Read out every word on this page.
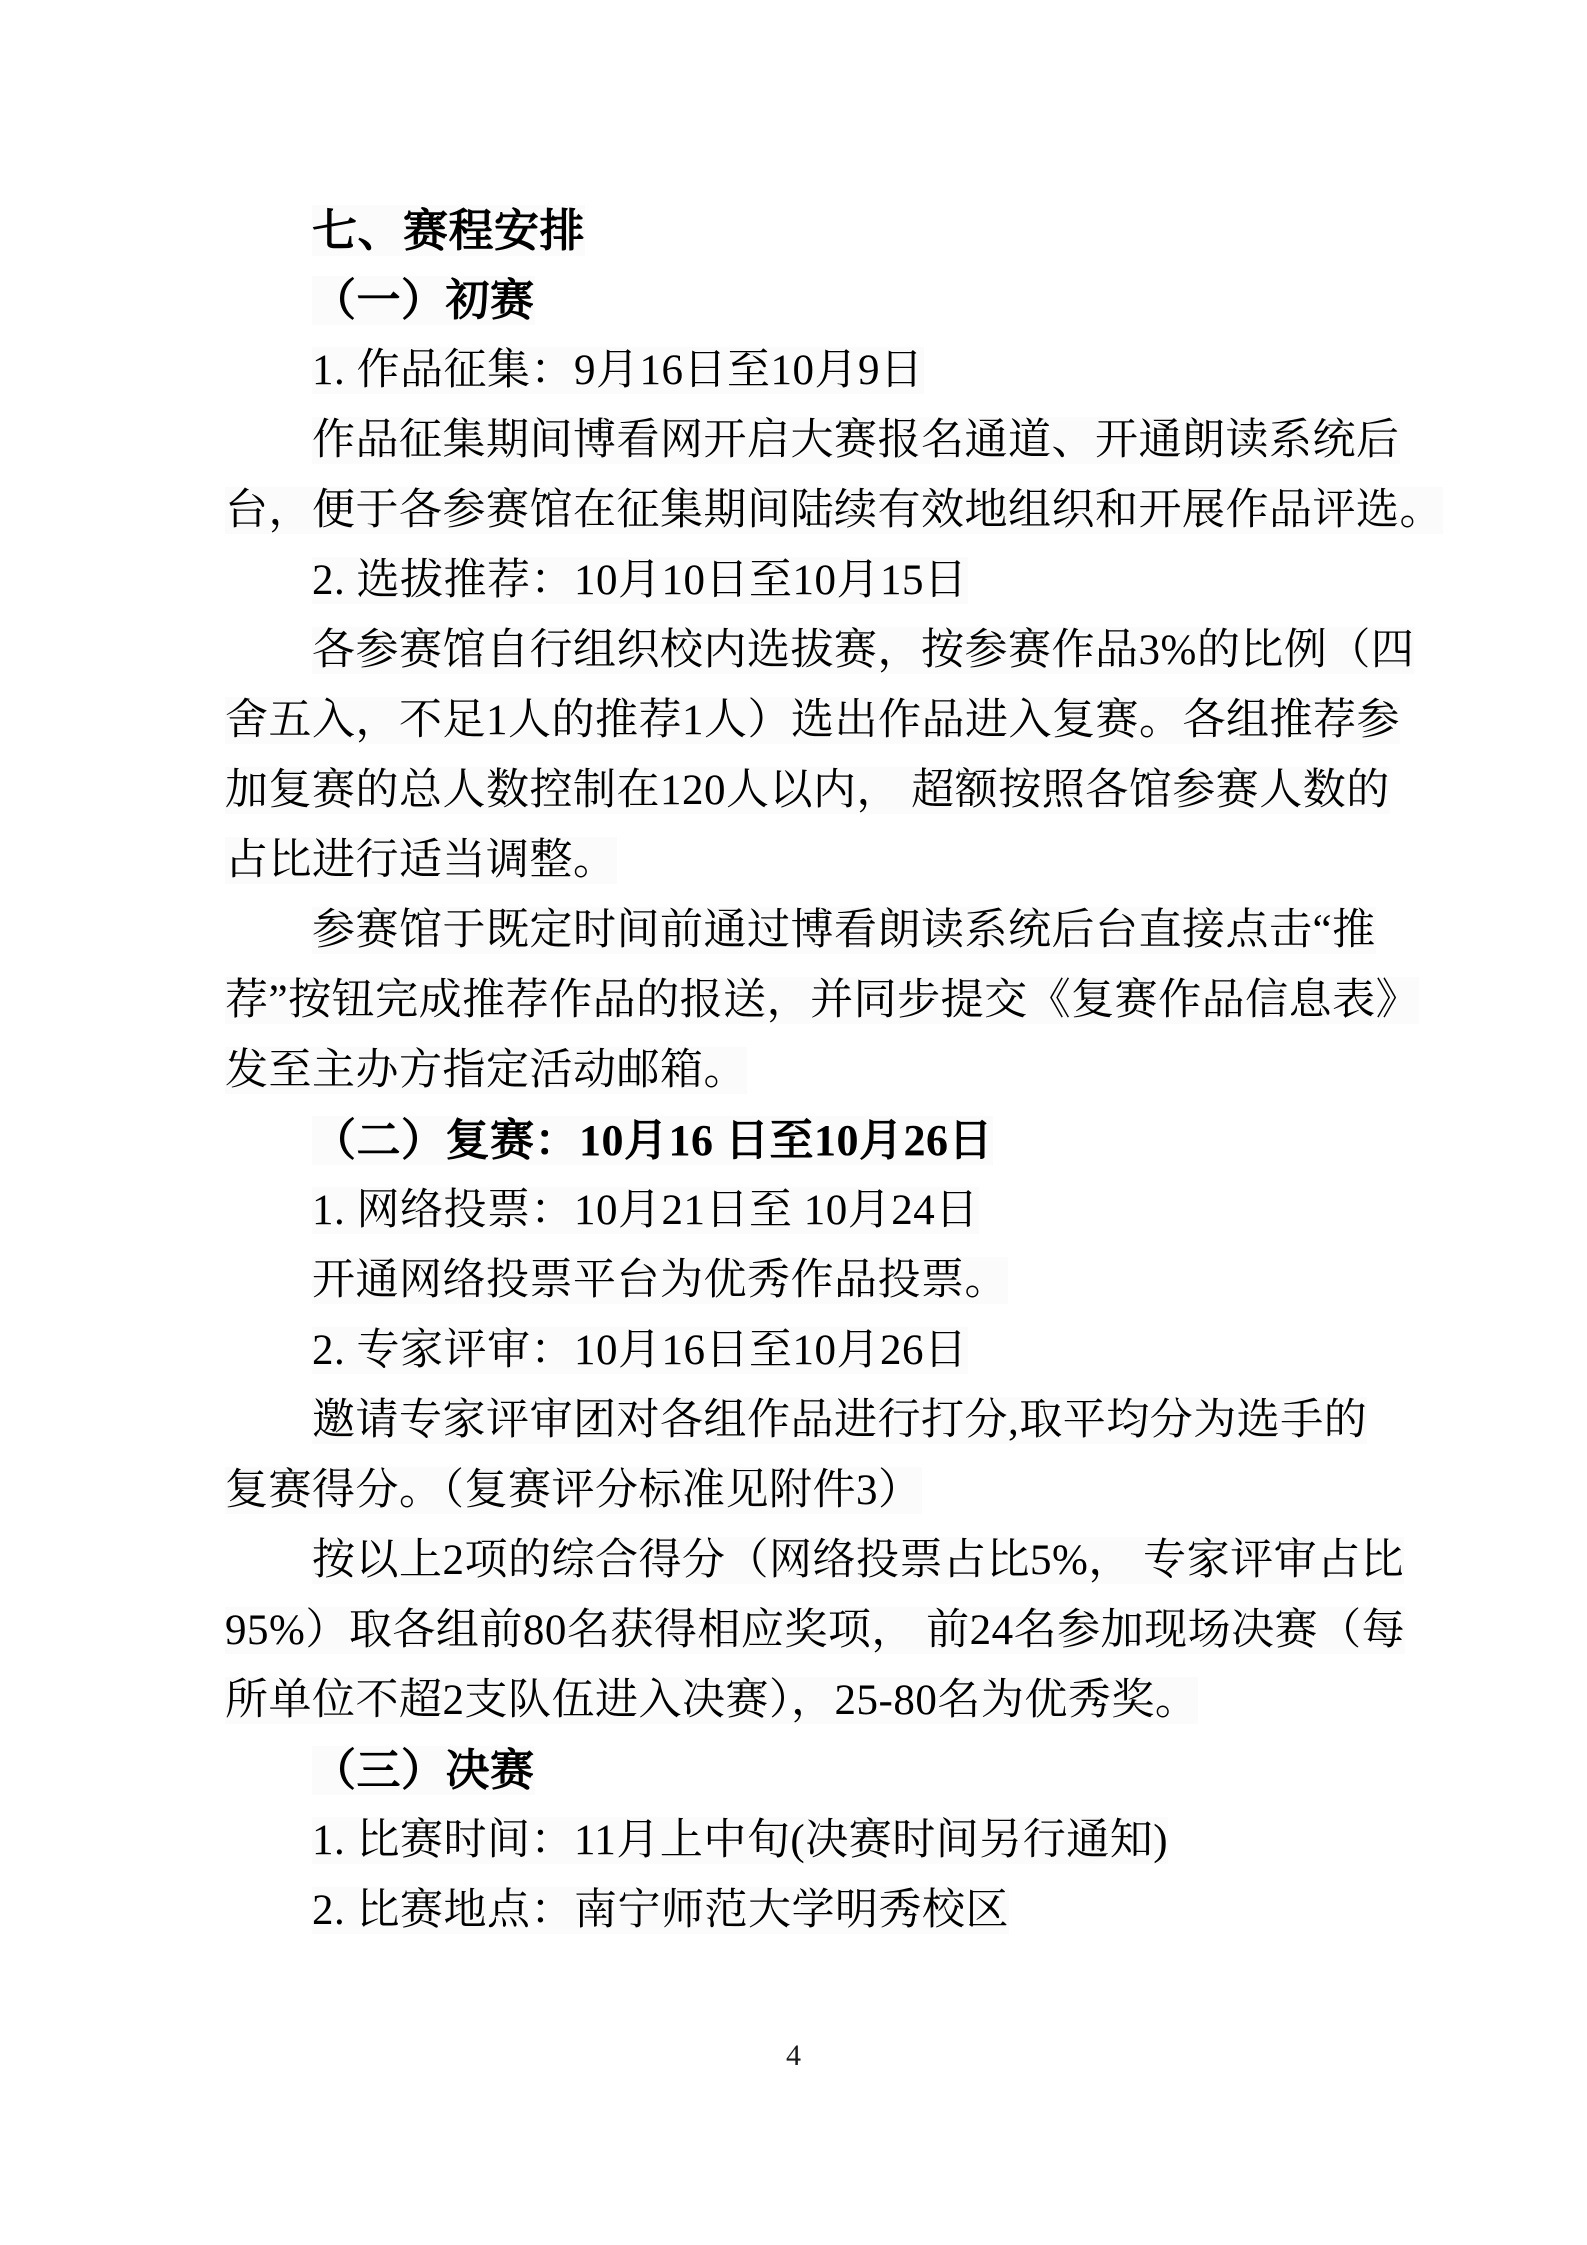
七、赛程安排
（一）初赛
1. 作品征集：9月16日至10月9日
作品征集期间博看网开启大赛报名通道、开通朗读系统后
台，便于各参赛馆在征集期间陆续有效地组织和开展作品评选。
2. 选拔推荐：10月10日至10月15日
各参赛馆自行组织校内选拔赛，按参赛作品3%的比例（四
舍五入，不足1人的推荐1人）选出作品进入复赛。各组推荐参
加复赛的总人数控制在120人以内， 超额按照各馆参赛人数的
占比进行适当调整。
参赛馆于既定时间前通过博看朗读系统后台直接点击“推
荐”按钮完成推荐作品的报送，并同步提交《复赛作品信息表》
发至主办方指定活动邮箱。
（二）复赛：10月16 日至10月26日
1. 网络投票：10月21日至 10月24日
开通网络投票平台为优秀作品投票。
2. 专家评审：10月16日至10月26日
邀请专家评审团对各组作品进行打分,取平均分为选手的
复赛得分。（复赛评分标准见附件3）
按以上2项的综合得分（网络投票占比5%， 专家评审占比
95%）取各组前80名获得相应奖项， 前24名参加现场决赛（每
所单位不超2支队伍进入决赛），25-80名为优秀奖。
（三）决赛
1. 比赛时间：11月上中旬(决赛时间另行通知)
2. 比赛地点：南宁师范大学明秀校区
4
